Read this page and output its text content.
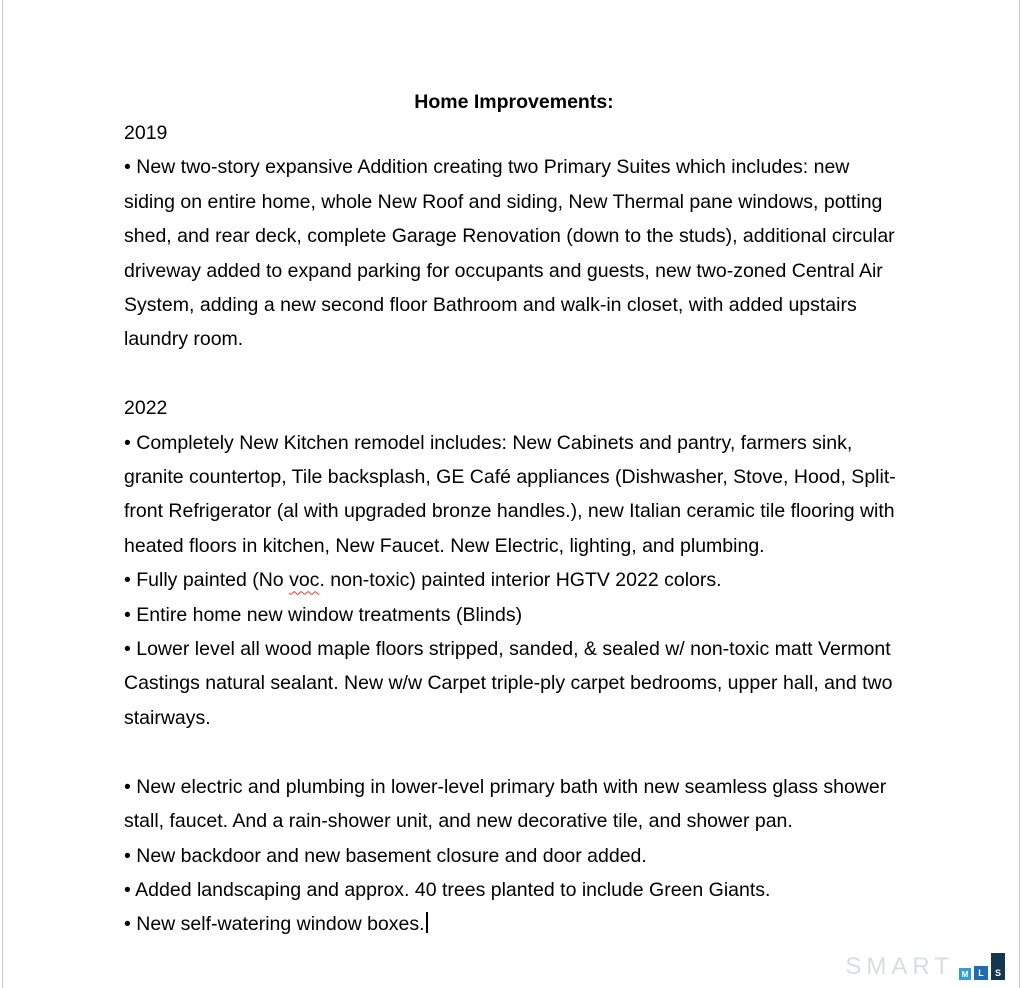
Home Improvements:

2019

• New two-story expansive Addition creating two Primary Suites which includes: new siding on entire home, whole New Roof and siding, New Thermal pane windows, potting shed, and rear deck, complete Garage Renovation (down to the studs), additional circular driveway added to expand parking for occupants and guests, new two-zoned Central Air System, adding a new second floor Bathroom and walk-in closet, with added upstairs laundry room.

2022

• Completely New Kitchen remodel includes: New Cabinets and pantry, farmers sink, granite countertop, Tile backsplash, GE Café appliances (Dishwasher, Stove, Hood, Split-front Refrigerator (al with upgraded bronze handles.), new Italian ceramic tile flooring with heated floors in kitchen, New Faucet. New Electric, lighting, and plumbing.

• Fully painted (No voc. non-toxic) painted interior HGTV 2022 colors.

• Entire home new window treatments (Blinds)

• Lower level all wood maple floors stripped, sanded, & sealed w/ non-toxic matt Vermont Castings natural sealant. New w/w Carpet triple-ply carpet bedrooms, upper hall, and two stairways.

• New electric and plumbing in lower-level primary bath with new seamless glass shower stall, faucet. And a rain-shower unit, and new decorative tile, and shower pan.

• New backdoor and new basement closure and door added.

• Added landscaping and approx. 40 trees planted to include Green Giants.

• New self-watering window boxes.

SMART M	L	S
